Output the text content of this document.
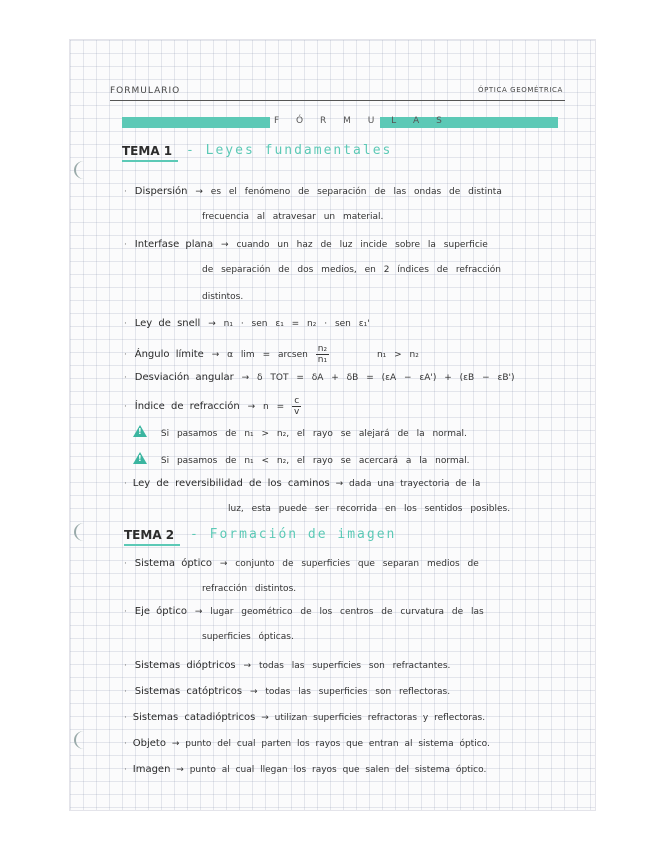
FORMULARIO	ÓPTICA GEOMÉTRICA
F Ó R M U L A S
TEMA 1 - Leyes fundamentales
· Dispersión → es el fenómeno de separación de las ondas de distinta
frecuencia al atravesar un material.
· Interfase plana → cuando un haz de luz incide sobre la superficie
de separación de dos medios, en 2 índices de refracción
distintos.
· Ley de snell → n₁ · sen ε₁ = n₂ · sen ε₁'
· Ángulo límite → α lim = arcsen $\frac{\text{n₂}}{\text{n₁}}$	n₁ > n₂
· Desviación angular → δ TOT = δA + δB = (εA − εA') + (εB − εB')
· Índice de refracción → $n = \frac{c}{v}$
! Si pasamos de n₁ > n₂, el rayo se alejará de la normal.
! Si pasamos de n₁ < n₂, el rayo se acercará a la normal.
· Ley de reversibilidad de los caminos → dada una trayectoria de la
luz, esta puede ser recorrida en los sentidos posibles.
TEMA 2 - Formación de imagen
· Sistema óptico → conjunto de superficies que separan medios de
refracción distintos.
· Eje óptico → lugar geométrico de los centros de curvatura de las
superficies ópticas.
· Sistemas dióptricos → todas las superficies son refractantes.
· Sistemas catóptricos → todas las superficies son reflectoras.
· Sistemas catadióptricos → utilizan superficies refractoras y reflectoras.
· Objeto → punto del cual parten los rayos que entran al sistema óptico.
· Imagen → punto al cual llegan los rayos que salen del sistema óptico.
